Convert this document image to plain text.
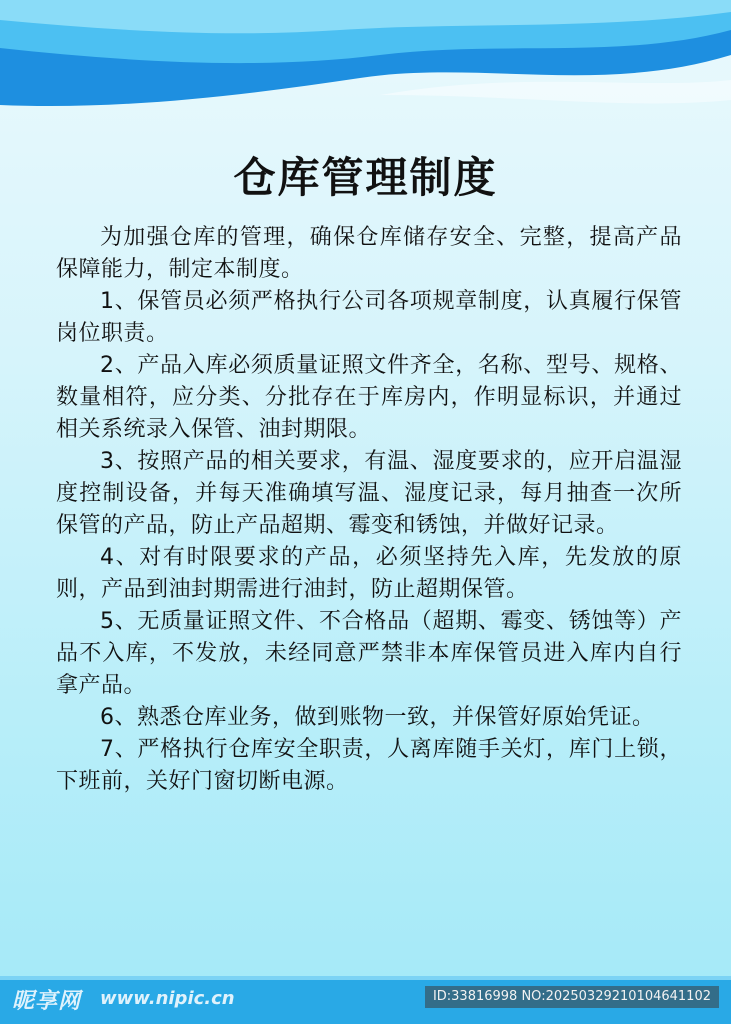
仓库管理制度

为加强仓库的管理，确保仓库储存安全、完整，提高产品保障能力，制定本制度。

1、保管员必须严格执行公司各项规章制度，认真履行保管岗位职责。

2、产品入库必须质量证照文件齐全，名称、型号、规格、数量相符，应分类、分批存在于库房内，作明显标识，并通过相关系统录入保管、油封期限。

3、按照产品的相关要求，有温、湿度要求的，应开启温湿度控制设备，并每天准确填写温、湿度记录，每月抽查一次所保管的产品，防止产品超期、霉变和锈蚀，并做好记录。

4、对有时限要求的产品，必须坚持先入库，先发放的原则，产品到油封期需进行油封，防止超期保管。

5、无质量证照文件、不合格品（超期、霉变、锈蚀等）产品不入库，不发放，未经同意严禁非本库保管员进入库内自行拿产品。

6、熟悉仓库业务，做到账物一致，并保管好原始凭证。

7、严格执行仓库安全职责，人离库随手关灯，库门上锁，下班前，关好门窗切断电源。

昵享网 www.nipic.cn	ID:33816998 NO:20250329210104641102
